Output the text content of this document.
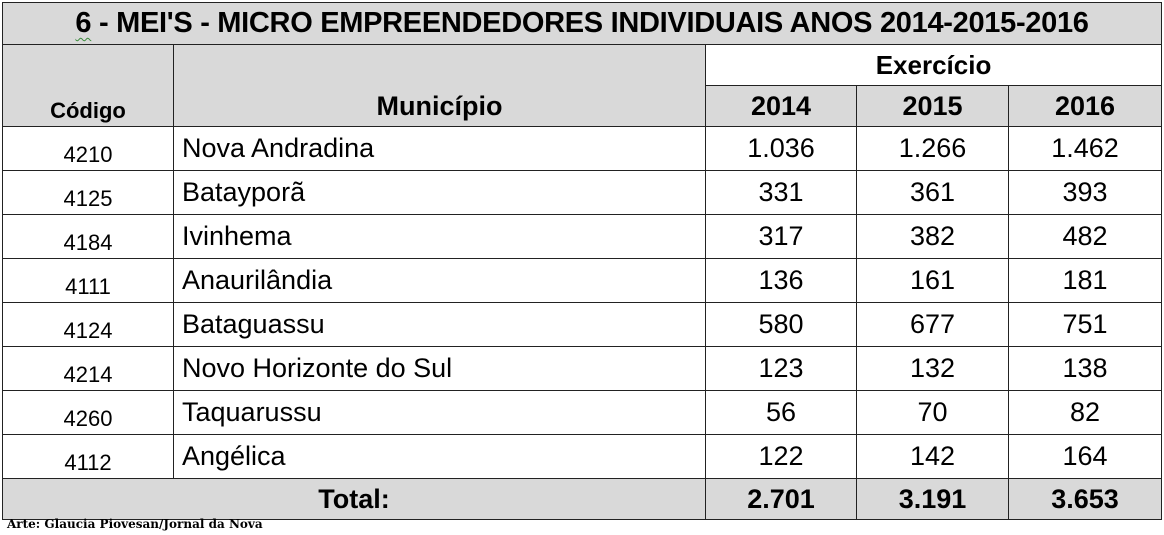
6 - MEI'S - MICRO EMPREENDEDORES INDIVIDUAIS ANOS 2014-2015-2016				
Código	Município	Exercício		
		2014	2015	2016
4210	Nova Andradina	1.036	1.266	1.462
4125	Batayporã	331	361	393
4184	Ivinhema	317	382	482
4111	Anaurilândia	136	161	181
4124	Bataguassu	580	677	751
4214	Novo Horizonte do Sul	123	132	138
4260	Taquarussu	56	70	82
4112	Angélica	122	142	164
Total:		2.701	3.191	3.653
Arte: Glaucia Piovesan/Jornal da Nova
